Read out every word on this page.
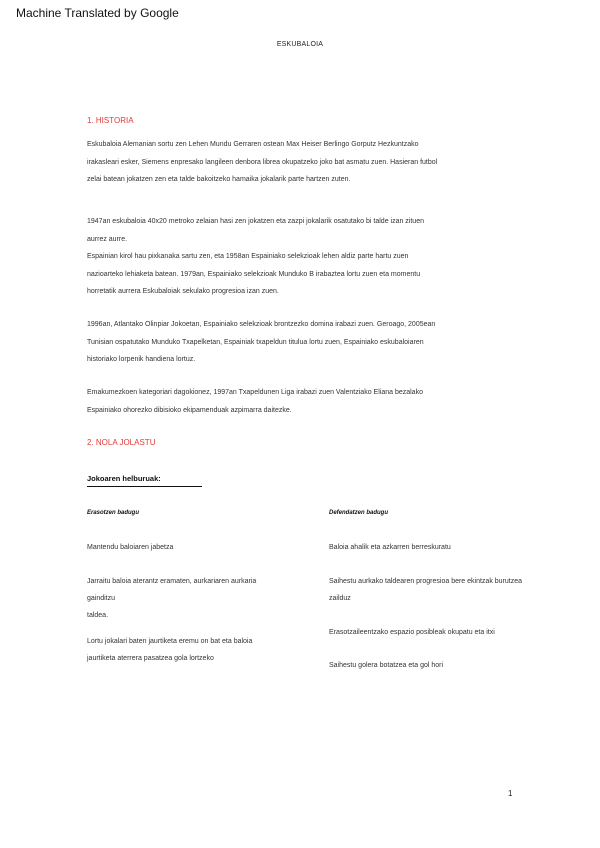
Machine Translated by Google
ESKUBALOIA
1. HISTORIA

Eskubaloia Alemanian sortu zen Lehen Mundu Gerraren ostean Max Heiser Berlingo Gorputz Hezkuntzako

irakasleari esker, Siemens enpresako langileen denbora librea okupatzeko joko bat asmatu zuen. Hasieran futbol

zelai batean jokatzen zen eta talde bakoitzeko hamaika jokalarik parte hartzen zuten.

1947an eskubaloia 40x20 metroko zelaian hasi zen jokatzen eta zazpi jokalarik osatutako bi talde izan zituen

aurrez aurre.

Espainian kirol hau pixkanaka sartu zen, eta 1958an Espainiako selekzioak lehen aldiz parte hartu zuen

nazioarteko lehiaketa batean. 1979an, Espainiako selekzioak Munduko B irabaztea lortu zuen eta momentu

horretatik aurrera Eskubaloiak sekulako progresioa izan zuen.

1996an, Atlantako Olinpiar Jokoetan, Espainiako selekzioak brontzezko domina irabazi zuen. Geroago, 2005ean

Tunisian ospatutako Munduko Txapelketan, Espainiak txapeldun titulua lortu zuen, Espainiako eskubaloiaren

historiako lorpenik handiena lortuz.

Emakumezkoen kategoriari dagokionez, 1997an Txapeldunen Liga irabazi zuen Valentziako Eliana bezalako

Espainiako ohorezko dibisioko ekipamenduak azpimarra daitezke.

2. NOLA JOLASTU
Jokoaren helburuak:
Erasotzen badugu	Defendatzen badugu

Mantendu baloiaren jabetza

Jarraitu baloia aterantz eramaten, aurkariaren aurkaria

gainditzu

taldea.

Lortu jokalari baten jaurtiketa eremu on bat eta baloia

jaurtiketa aterrera pasatzea gola lortzeko

Baloia ahalik eta azkarren berreskuratu

Saihestu aurkako taldearen progresioa bere ekintzak burutzea

zailduz

Erasotzaileentzako espazio posibleak okupatu eta itxi

Saihestu golera botatzea eta gol hori

1
